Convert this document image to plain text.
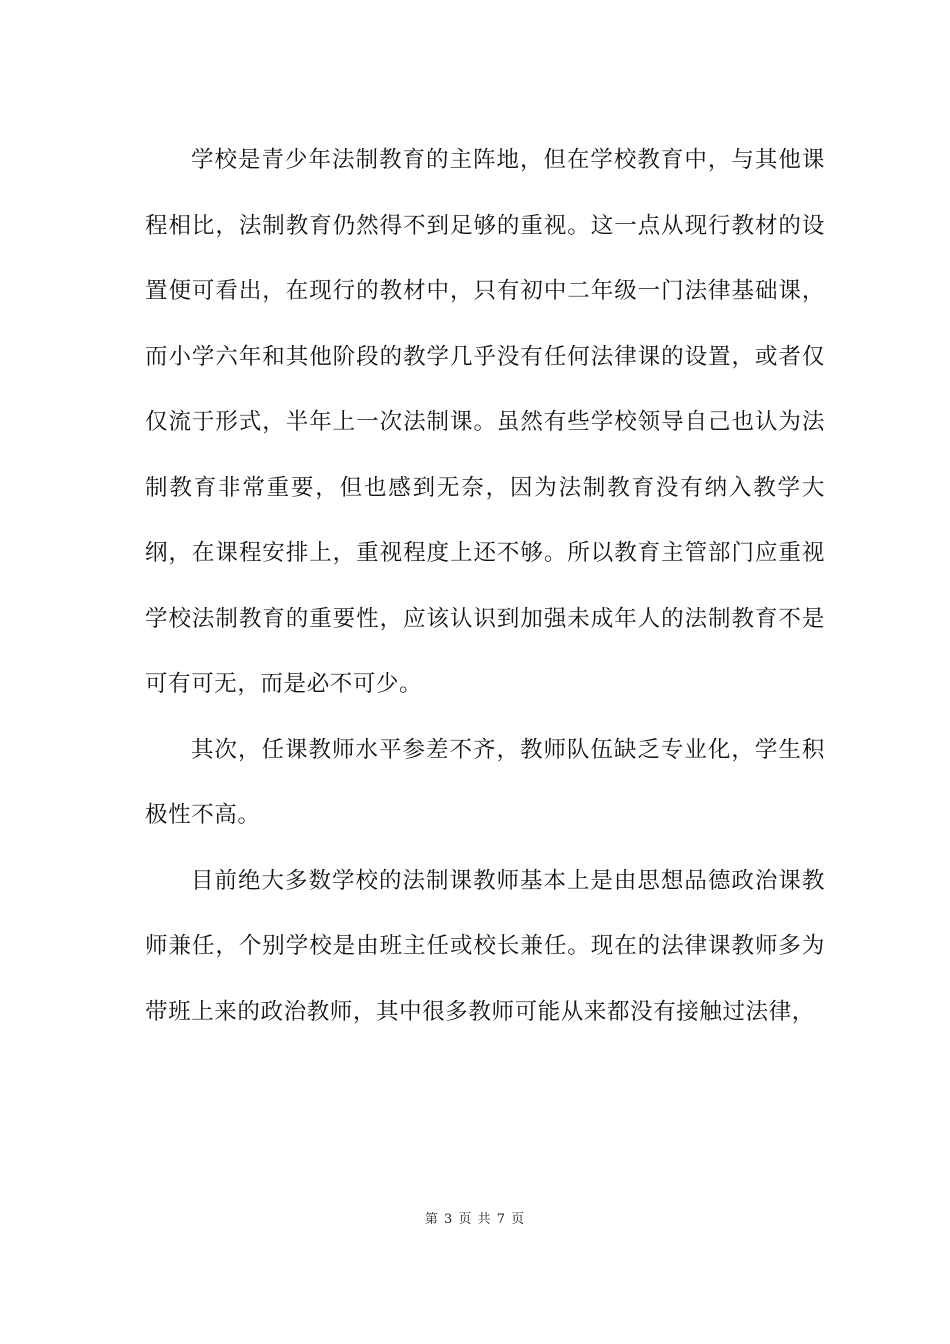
学校是青少年法制教育的主阵地，但在学校教育中，与其他课程相比，法制教育仍然得不到足够的重视。这一点从现行教材的设置便可看出，在现行的教材中，只有初中二年级一门法律基础课，而小学六年和其他阶段的教学几乎没有任何法律课的设置，或者仅仅流于形式，半年上一次法制课。虽然有些学校领导自己也认为法制教育非常重要，但也感到无奈，因为法制教育没有纳入教学大纲，在课程安排上，重视程度上还不够。所以教育主管部门应重视学校法制教育的重要性，应该认识到加强未成年人的法制教育不是可有可无，而是必不可少。

其次，任课教师水平参差不齐，教师队伍缺乏专业化，学生积极性不高。

目前绝大多数学校的法制课教师基本上是由思想品德政治课教师兼任，个别学校是由班主任或校长兼任。现在的法律课教师多为带班上来的政治教师，其中很多教师可能从来都没有接触过法律，

第 3 页 共 7 页
